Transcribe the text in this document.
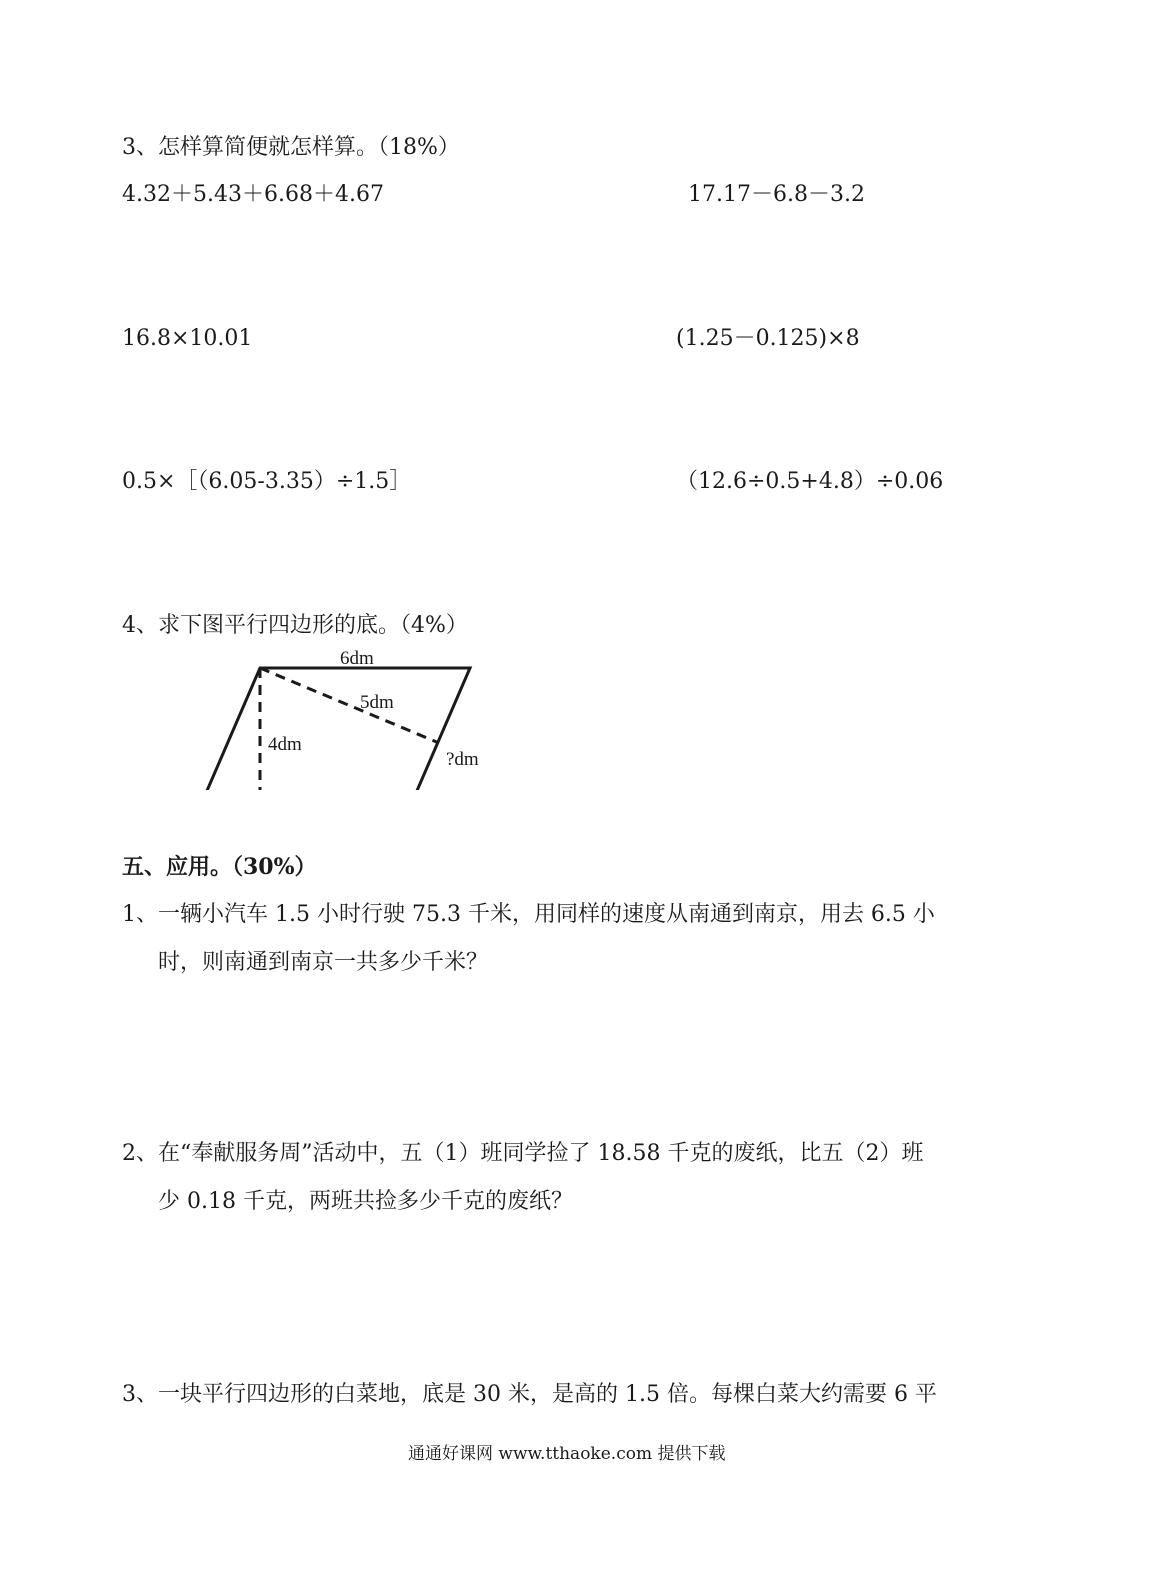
3、怎样算简便就怎样算。（18%）
4.32＋5.43＋6.68＋4.67	17.17－6.8－3.2
16.8×10.01	(1.25－0.125)×8
0.5×［（6.05-3.35）÷1.5］	（12.6÷0.5+4.8）÷0.06
4、求下图平行四边形的底。（4%）
6dm
5dm
4dm
?dm
五、应用。（30%）
1、一辆小汽车 1.5 小时行驶 75.3 千米，用同样的速度从南通到南京，用去 6.5 小
时，则南通到南京一共多少千米？
2、在“奉献服务周”活动中，五（1）班同学捡了 18.58 千克的废纸，比五（2）班
少 0.18 千克，两班共捡多少千克的废纸？
3、一块平行四边形的白菜地，底是 30 米，是高的 1.5 倍。每棵白菜大约需要 6 平
通通好课网 www.tthaoke.com 提供下载
